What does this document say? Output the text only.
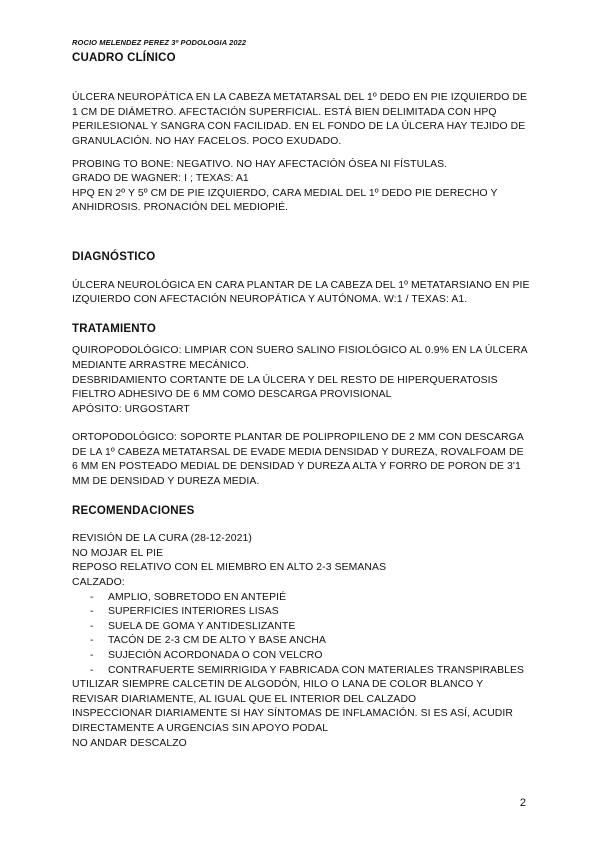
ROCIO MELENDEZ PEREZ 3º PODOLOGIA 2022

CUADRO CLÍNICO

ÚLCERA NEUROPÁTICA EN LA CABEZA METATARSAL DEL 1º DEDO EN PIE IZQUIERDO DE 1 CM DE DIÁMETRO. AFECTACIÓN SUPERFICIAL. ESTÁ BIEN DELIMITADA CON HPQ PERILESIONAL Y SANGRA CON FACILIDAD. EN EL FONDO DE LA ÚLCERA HAY TEJIDO DE GRANULACIÓN. NO HAY FACELOS. POCO EXUDADO.

PROBING TO BONE: NEGATIVO. NO HAY AFECTACIÓN ÓSEA NI FÍSTULAS.

GRADO DE WAGNER: I ; TEXAS: A1

HPQ EN 2º Y 5º CM DE PIE IZQUIERDO, CARA MEDIAL DEL 1º DEDO PIE DERECHO Y ANHIDROSIS. PRONACIÓN DEL MEDIOPIÉ.

DIAGNÓSTICO

ÚLCERA NEUROLÓGICA EN CARA PLANTAR DE LA CABEZA DEL 1º METATARSIANO EN PIE IZQUIERDO CON AFECTACIÓN NEUROPÁTICA Y AUTÓNOMA. W:1 / TEXAS: A1.

TRATAMIENTO

QUIROPODOLÓGICO: LIMPIAR CON SUERO SALINO FISIOLÓGICO AL 0.9% EN LA ÚLCERA MEDIANTE ARRASTRE MECÁNICO.

DESBRIDAMIENTO CORTANTE DE LA ÚLCERA Y DEL RESTO DE HIPERQUERATOSIS

FIELTRO ADHESIVO DE 6 MM COMO DESCARGA PROVISIONAL

APÓSITO: URGOSTART

ORTOPODOLÓGICO: SOPORTE PLANTAR DE POLIPROPILENO DE 2 MM CON DESCARGA DE LA 1º CABEZA METATARSAL DE EVADE MEDIA DENSIDAD Y DUREZA, ROVALFOAM DE 6 MM EN POSTEADO MEDIAL DE DENSIDAD Y DUREZA ALTA Y FORRO DE PORON DE 3'1 MM DE DENSIDAD Y DUREZA MEDIA.

RECOMENDACIONES

REVISIÓN DE LA CURA (28-12-2021)

NO MOJAR EL PIE

REPOSO RELATIVO CON EL MIEMBRO EN ALTO 2-3 SEMANAS

CALZADO:

- AMPLIO, SOBRETODO EN ANTEPIÉ
- SUPERFICIES INTERIORES LISAS
- SUELA DE GOMA Y ANTIDESLIZANTE
- TACÓN DE 2-3 CM DE ALTO Y BASE ANCHA
- SUJECIÓN ACORDONADA O CON VELCRO
- CONTRAFUERTE SEMIRRIGIDA Y FABRICADA CON MATERIALES TRANSPIRABLES

UTILIZAR SIEMPRE CALCETIN DE ALGODÓN, HILO O LANA DE COLOR BLANCO Y REVISAR DIARIAMENTE, AL IGUAL QUE EL INTERIOR DEL CALZADO

INSPECCIONAR DIARIAMENTE SI HAY SÍNTOMAS DE INFLAMACIÓN. SI ES ASÍ, ACUDIR DIRECTAMENTE A URGENCIAS SIN APOYO PODAL

NO ANDAR DESCALZO

2
